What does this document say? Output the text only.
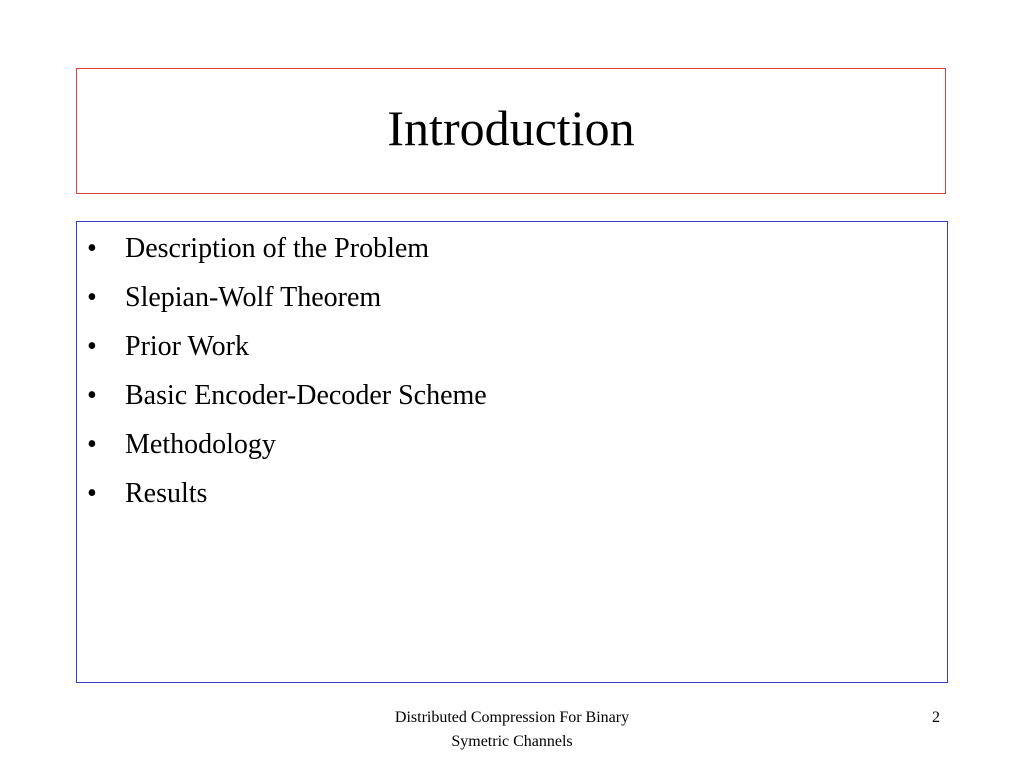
Introduction
•	Description of the Problem
•	Slepian-Wolf Theorem
•	Prior Work
•	Basic Encoder-Decoder Scheme
•	Methodology
•	Results
Distributed Compression For Binary
Symetric Channels
2
